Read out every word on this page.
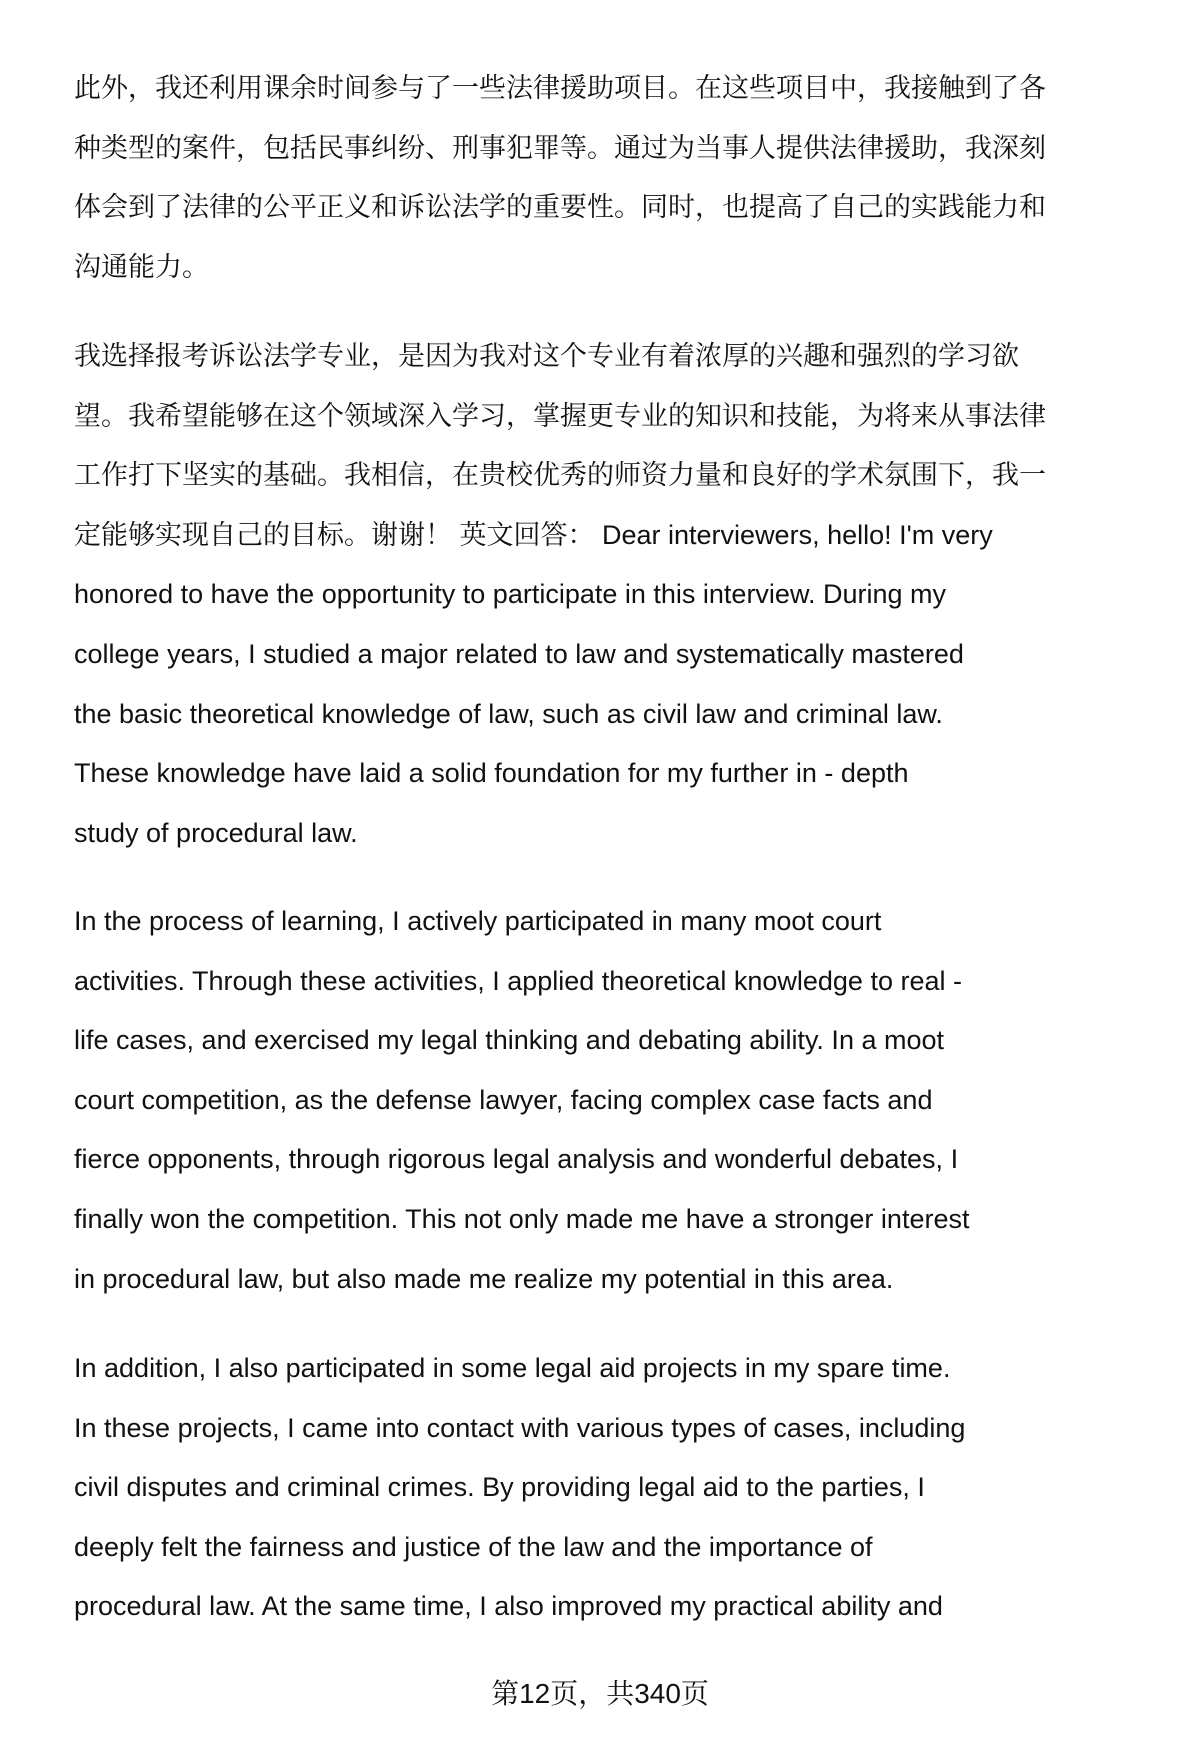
此外，我还利用课余时间参与了一些法律援助项目。在这些项目中，我接触到了各
种类型的案件，包括民事纠纷、刑事犯罪等。通过为当事人提供法律援助，我深刻
体会到了法律的公平正义和诉讼法学的重要性。同时，也提高了自己的实践能力和
沟通能力。
我选择报考诉讼法学专业，是因为我对这个专业有着浓厚的兴趣和强烈的学习欲
望。我希望能够在这个领域深入学习，掌握更专业的知识和技能，为将来从事法律
工作打下坚实的基础。我相信，在贵校优秀的师资力量和良好的学术氛围下，我一
定能够实现自己的目标。谢谢！ 英文回答： Dear interviewers, hello! I'm very
honored to have the opportunity to participate in this interview. During my
college years, I studied a major related to law and systematically mastered
the basic theoretical knowledge of law, such as civil law and criminal law.
These knowledge have laid a solid foundation for my further in - depth
study of procedural law.
In the process of learning, I actively participated in many moot court
activities. Through these activities, I applied theoretical knowledge to real -
life cases, and exercised my legal thinking and debating ability. In a moot
court competition, as the defense lawyer, facing complex case facts and
fierce opponents, through rigorous legal analysis and wonderful debates, I
finally won the competition. This not only made me have a stronger interest
in procedural law, but also made me realize my potential in this area.
In addition, I also participated in some legal aid projects in my spare time.
In these projects, I came into contact with various types of cases, including
civil disputes and criminal crimes. By providing legal aid to the parties, I
deeply felt the fairness and justice of the law and the importance of
procedural law. At the same time, I also improved my practical ability and
第12页，共340页
